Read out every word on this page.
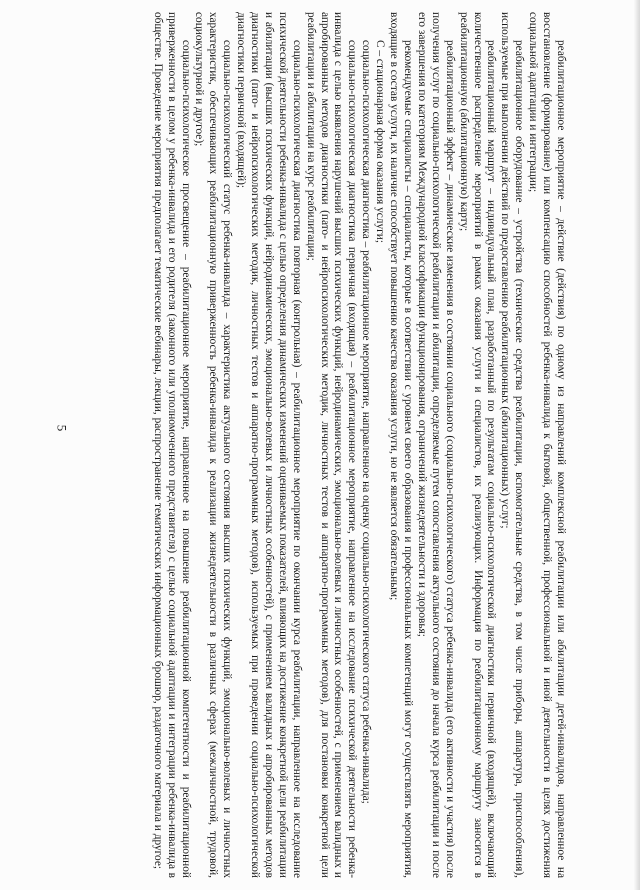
5	реабилитационное мероприятие – действие (действия) по одному из направлений комплексной реабилитации или абилитации детей-инвалидов, направленное на восстановление (формирование) или компенсацию способностей ребенка-инвалида к бытовой, общественной, профессиональной и иной деятельности в целях достижения социальной адаптации и интеграции;

реабилитационное оборудование – устройства (технические средства реабилитации, вспомогательные средства, в том числе приборы, аппаратура, приспособления), используемые при выполнении действий по предоставлению реабилитационных (абилитационных) услуг;

реабилитационный маршрут – индивидуальный план, разработанный по результатам социально-психологической диагностики первичной (входящей), включающий количественное распределение мероприятий в рамках оказания услуги и специалистов, их реализующих. Информация по реабилитационному маршруту заносится в реабилитационную (абилитационную) карту;

реабилитационный эффект – динамические изменения в состоянии социального (социально-психологического) статуса ребенка-инвалида (его активности и участия) после получения услуг по социально-психологической реабилитации и абилитации, определяемые путем сопоставления актуального состояния до начала курса реабилитации и после его завершения по категориям Международной классификации функционирования, ограничений жизнедеятельности и здоровья;

рекомендуемые специалисты – специалисты, которые в соответствии с уровнем своего образования и профессиональных компетенций могут осуществлять мероприятия, входящие в состав услуги, их наличие способствует повышению качества оказания услуги, но не является обязательным;

С – стационарная форма оказания услуги;

социально-психологическая диагностика – реабилитационное мероприятие, направленное на оценку социально-психологического статуса ребенка-инвалида;

социально-психологическая диагностика первичная (входящая) – реабилитационное мероприятие, направленное на исследование психической деятельности ребенка-инвалида с целью выявления нарушений высших психических функций, нейродинамических, эмоционально-волевых и личностных особенностей, с применением валидных и апробированных методов диагностики (пато- и нейропсихологических методик, личностных тестов и аппаратно-программных методов), для постановки конкретной цели реабилитации и абилитации на курс реабилитации;

социально-психологическая диагностика повторная (контрольная) – реабилитационное мероприятие по окончании курса реабилитации, направленное на исследование психической деятельности ребенка-инвалида с целью определения динамических изменений оцениваемых показателей, влияющих на достижение конкретной цели реабилитации и абилитации (высших психических функций, нейродинамических, эмоционально-волевых и личностных особенностей), с применением валидных и апробированных методов диагностики (пато- и нейропсихологических методик, личностных тестов и аппаратно-программных методов), используемых при проведении социально-психологической диагностики первичной (входящей);

социально-психологический статус ребенка-инвалида – характеристика актуального состояния высших психических функций, эмоционально-волевых и личностных характеристик, обеспечивающих реабилитационную приверженность ребенка-инвалида к реализации жизнедеятельности в различных сферах (межличностной, трудовой, социокультурной и другое);

социально-психологическое просвещение – реабилитационное мероприятие, направленное на повышение реабилитационной компетентности и реабилитационной приверженности в целом у ребенка-инвалида и его родителя (законного или уполномоченного представителя) с целью социальной адаптации и интеграции ребенка-инвалида в обществе. Проведение мероприятия предполагает тематические вебинары, лекции, распространение тематических информационных брошюр, раздаточного материала и другое;
